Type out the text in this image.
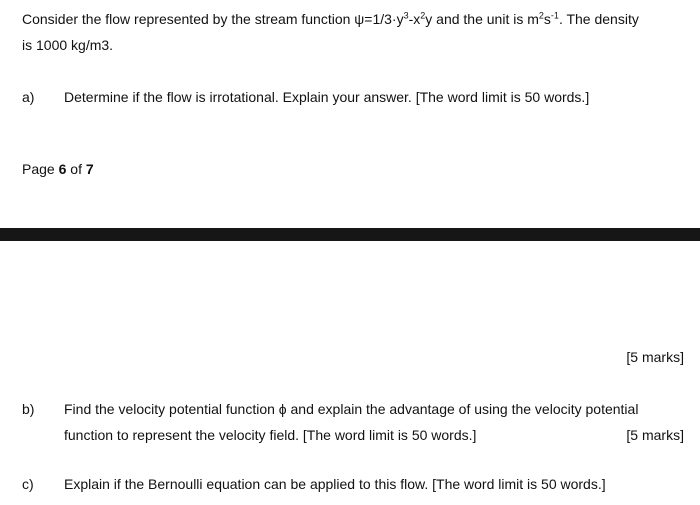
Consider the flow represented by the stream function $\psi=1/3\cdot y^3-x^2y$ and the unit is $m^2s^{-1}$. The density
is 1000 kg/m3.
a) Determine if the flow is irrotational. Explain your answer. [The word limit is 50 words.]
Page 6 of 7
[5 marks]
b) Find the velocity potential function ϕ and explain the advantage of using the velocity potential
function to represent the velocity field. [The word limit is 50 words.]	[5 marks]
c) Explain if the Bernoulli equation can be applied to this flow. [The word limit is 50 words.]
